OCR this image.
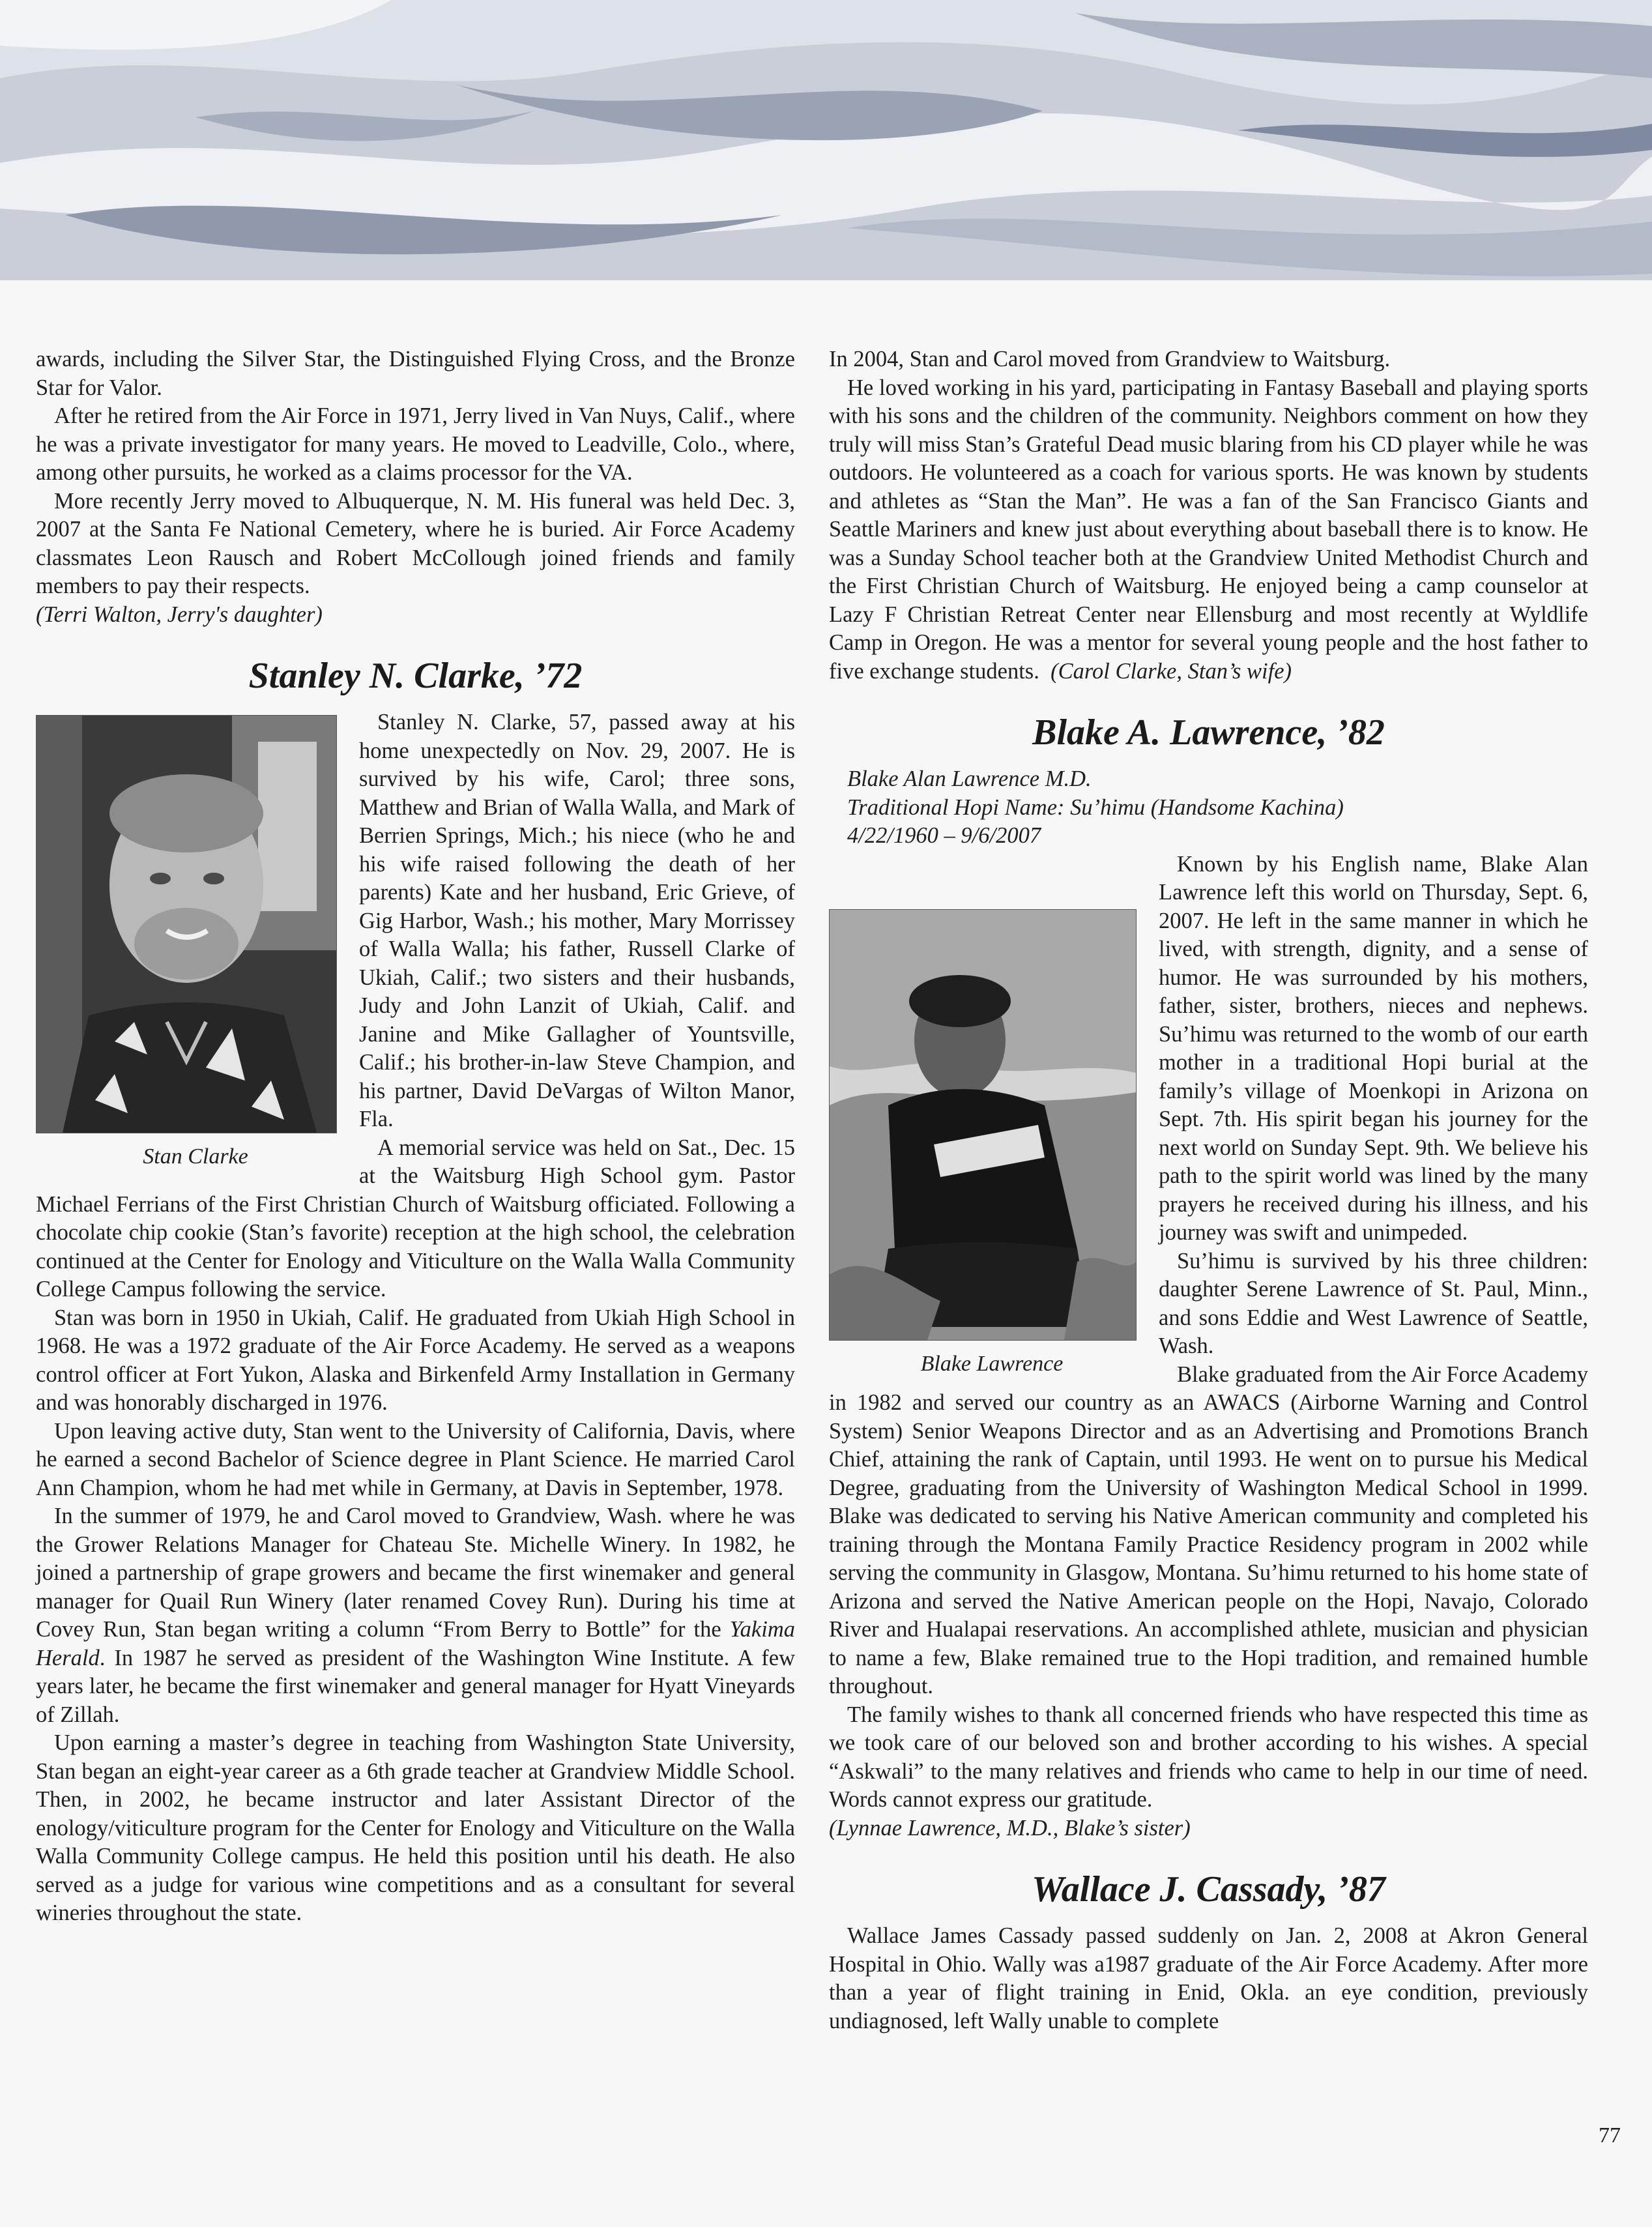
awards, including the Silver Star, the Distinguished Flying Cross, and the Bronze Star for Valor.

After he retired from the Air Force in 1971, Jerry lived in Van Nuys, Calif., where he was a private investigator for many years. He moved to Leadville, Colo., where, among other pursuits, he worked as a claims processor for the VA.

More recently Jerry moved to Albuquerque, N. M. His funeral was held Dec. 3, 2007 at the Santa Fe National Cemetery, where he is buried. Air Force Academy classmates Leon Rausch and Robert McCollough joined friends and family members to pay their respects.

(Terri Walton, Jerry's daughter)

Stanley N. Clarke, ’72

Stan Clarke
Stanley N. Clarke, 57, passed away at his home unexpectedly on Nov. 29, 2007. He is survived by his wife, Carol; three sons, Matthew and Brian of Walla Walla, and Mark of Berrien Springs, Mich.; his niece (who he and his wife raised following the death of her parents) Kate and her husband, Eric Grieve, of Gig Harbor, Wash.; his mother, Mary Morrissey of Walla Walla; his father, Russell Clarke of Ukiah, Calif.; two sisters and their husbands, Judy and John Lanzit of Ukiah, Calif. and Janine and Mike Gallagher of Yountsville, Calif.; his brother-in-law Steve Champion, and his partner, David DeVargas of Wilton Manor, Fla.

A memorial service was held on Sat., Dec. 15 at the Waitsburg High School gym. Pastor Michael Ferrians of the First Christian Church of Waitsburg officiated. Following a chocolate chip cookie (Stan’s favorite) reception at the high school, the celebration continued at the Center for Enology and Viticulture on the Walla Walla Community College Campus following the service.

Stan was born in 1950 in Ukiah, Calif. He graduated from Ukiah High School in 1968. He was a 1972 graduate of the Air Force Academy. He served as a weapons control officer at Fort Yukon, Alaska and Birkenfeld Army Installation in Germany and was honorably discharged in 1976.

Upon leaving active duty, Stan went to the University of California, Davis, where he earned a second Bachelor of Science degree in Plant Science. He married Carol Ann Champion, whom he had met while in Germany, at Davis in September, 1978.

In the summer of 1979, he and Carol moved to Grandview, Wash. where he was the Grower Relations Manager for Chateau Ste. Michelle Winery. In 1982, he joined a partnership of grape growers and became the first winemaker and general manager for Quail Run Winery (later renamed Covey Run). During his time at Covey Run, Stan began writing a column “From Berry to Bottle” for the Yakima Herald. In 1987 he served as president of the Washington Wine Institute. A few years later, he became the first winemaker and general manager for Hyatt Vineyards of Zillah.

Upon earning a master’s degree in teaching from Washington State University, Stan began an eight-year career as a 6th grade teacher at Grandview Middle School. Then, in 2002, he became instructor and later Assistant Director of the enology/viticulture program for the Center for Enology and Viticulture on the Walla Walla Community College campus. He held this position until his death. He also served as a judge for various wine competitions and as a consultant for several wineries throughout the state.

In 2004, Stan and Carol moved from Grandview to Waitsburg.

He loved working in his yard, participating in Fantasy Baseball and playing sports with his sons and the children of the community. Neighbors comment on how they truly will miss Stan’s Grateful Dead music blaring from his CD player while he was outdoors. He volunteered as a coach for various sports. He was known by students and athletes as “Stan the Man”. He was a fan of the San Francisco Giants and Seattle Mariners and knew just about everything about baseball there is to know. He was a Sunday School teacher both at the Grandview United Methodist Church and the First Christian Church of Waitsburg. He enjoyed being a camp counselor at Lazy F Christian Retreat Center near Ellensburg and most recently at Wyldlife Camp in Oregon. He was a mentor for several young people and the host father to five exchange students. (Carol Clarke, Stan’s wife)

Blake A. Lawrence, ’82

Blake Alan Lawrence M.D.

Traditional Hopi Name: Su’himu (Handsome Kachina)

4/22/1960 – 9/6/2007

Blake Lawrence
Known by his English name, Blake Alan Lawrence left this world on Thursday, Sept. 6, 2007. He left in the same manner in which he lived, with strength, dignity, and a sense of humor. He was surrounded by his mothers, father, sister, brothers, nieces and nephews. Su’himu was returned to the womb of our earth mother in a traditional Hopi burial at the family’s village of Moenkopi in Arizona on Sept. 7th. His spirit began his journey for the next world on Sunday Sept. 9th. We believe his path to the spirit world was lined by the many prayers he received during his illness, and his journey was swift and unimpeded.

Su’himu is survived by his three children: daughter Serene Lawrence of St. Paul, Minn., and sons Eddie and West Lawrence of Seattle, Wash.

Blake graduated from the Air Force Academy in 1982 and served our country as an AWACS (Airborne Warning and Control System) Senior Weapons Director and as an Advertising and Promotions Branch Chief, attaining the rank of Captain, until 1993. He went on to pursue his Medical Degree, graduating from the University of Washington Medical School in 1999. Blake was dedicated to serving his Native American community and completed his training through the Montana Family Practice Residency program in 2002 while serving the community in Glasgow, Montana. Su’himu returned to his home state of Arizona and served the Native American people on the Hopi, Navajo, Colorado River and Hualapai reservations. An accomplished athlete, musician and physician to name a few, Blake remained true to the Hopi tradition, and remained humble throughout.

The family wishes to thank all concerned friends who have respected this time as we took care of our beloved son and brother according to his wishes. A special “Askwali” to the many relatives and friends who came to help in our time of need. Words cannot express our gratitude.

(Lynnae Lawrence, M.D., Blake’s sister)

Wallace J. Cassady, ’87

Wallace James Cassady passed suddenly on Jan. 2, 2008 at Akron General Hospital in Ohio. Wally was a1987 graduate of the Air Force Academy. After more than a year of flight training in Enid, Okla. an eye condition, previously undiagnosed, left Wally unable to complete

77
